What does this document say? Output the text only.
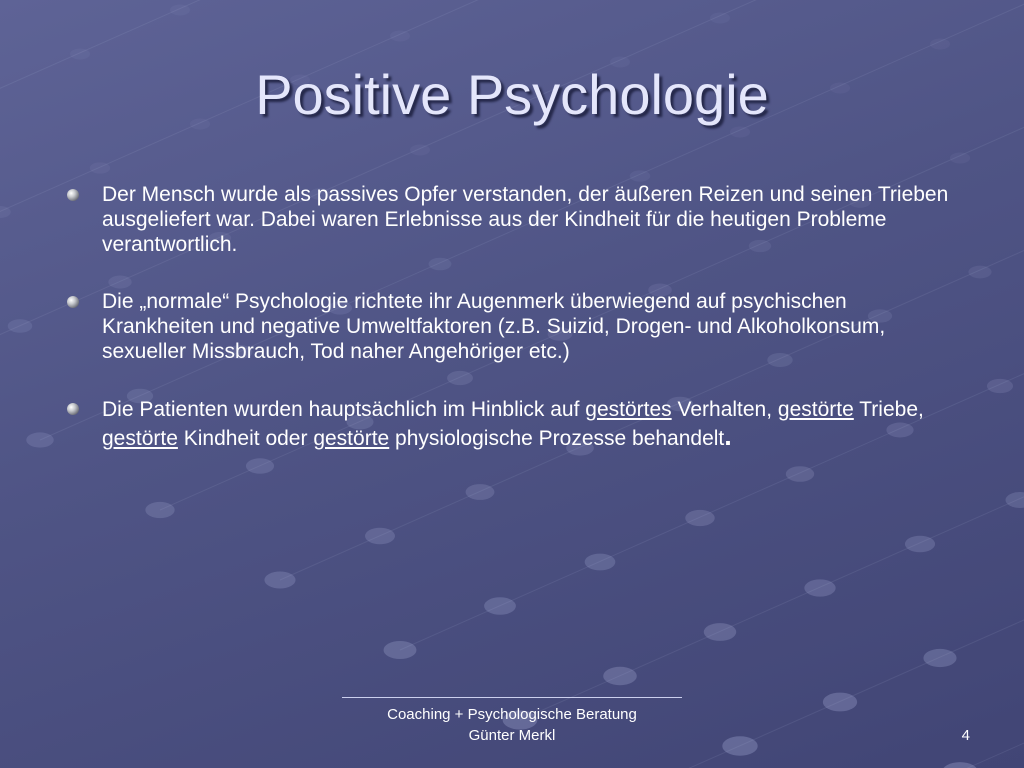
Positive Psychologie
Der Mensch wurde als passives Opfer verstanden, der äußeren Reizen und seinen Trieben ausgeliefert war. Dabei waren Erlebnisse aus der Kindheit für die heutigen Probleme verantwortlich.
Die „normale“ Psychologie richtete ihr Augenmerk überwiegend auf psychischen Krankheiten und negative Umweltfaktoren (z.B. Suizid, Drogen- und Alkoholkonsum, sexueller Missbrauch, Tod naher Angehöriger etc.)
Die Patienten wurden hauptsächlich im Hinblick auf gestörtes Verhalten, gestörte Triebe, gestörte Kindheit oder gestörte physiologische Prozesse behandelt.
Coaching + Psychologische Beratung
Günter Merkl	4
